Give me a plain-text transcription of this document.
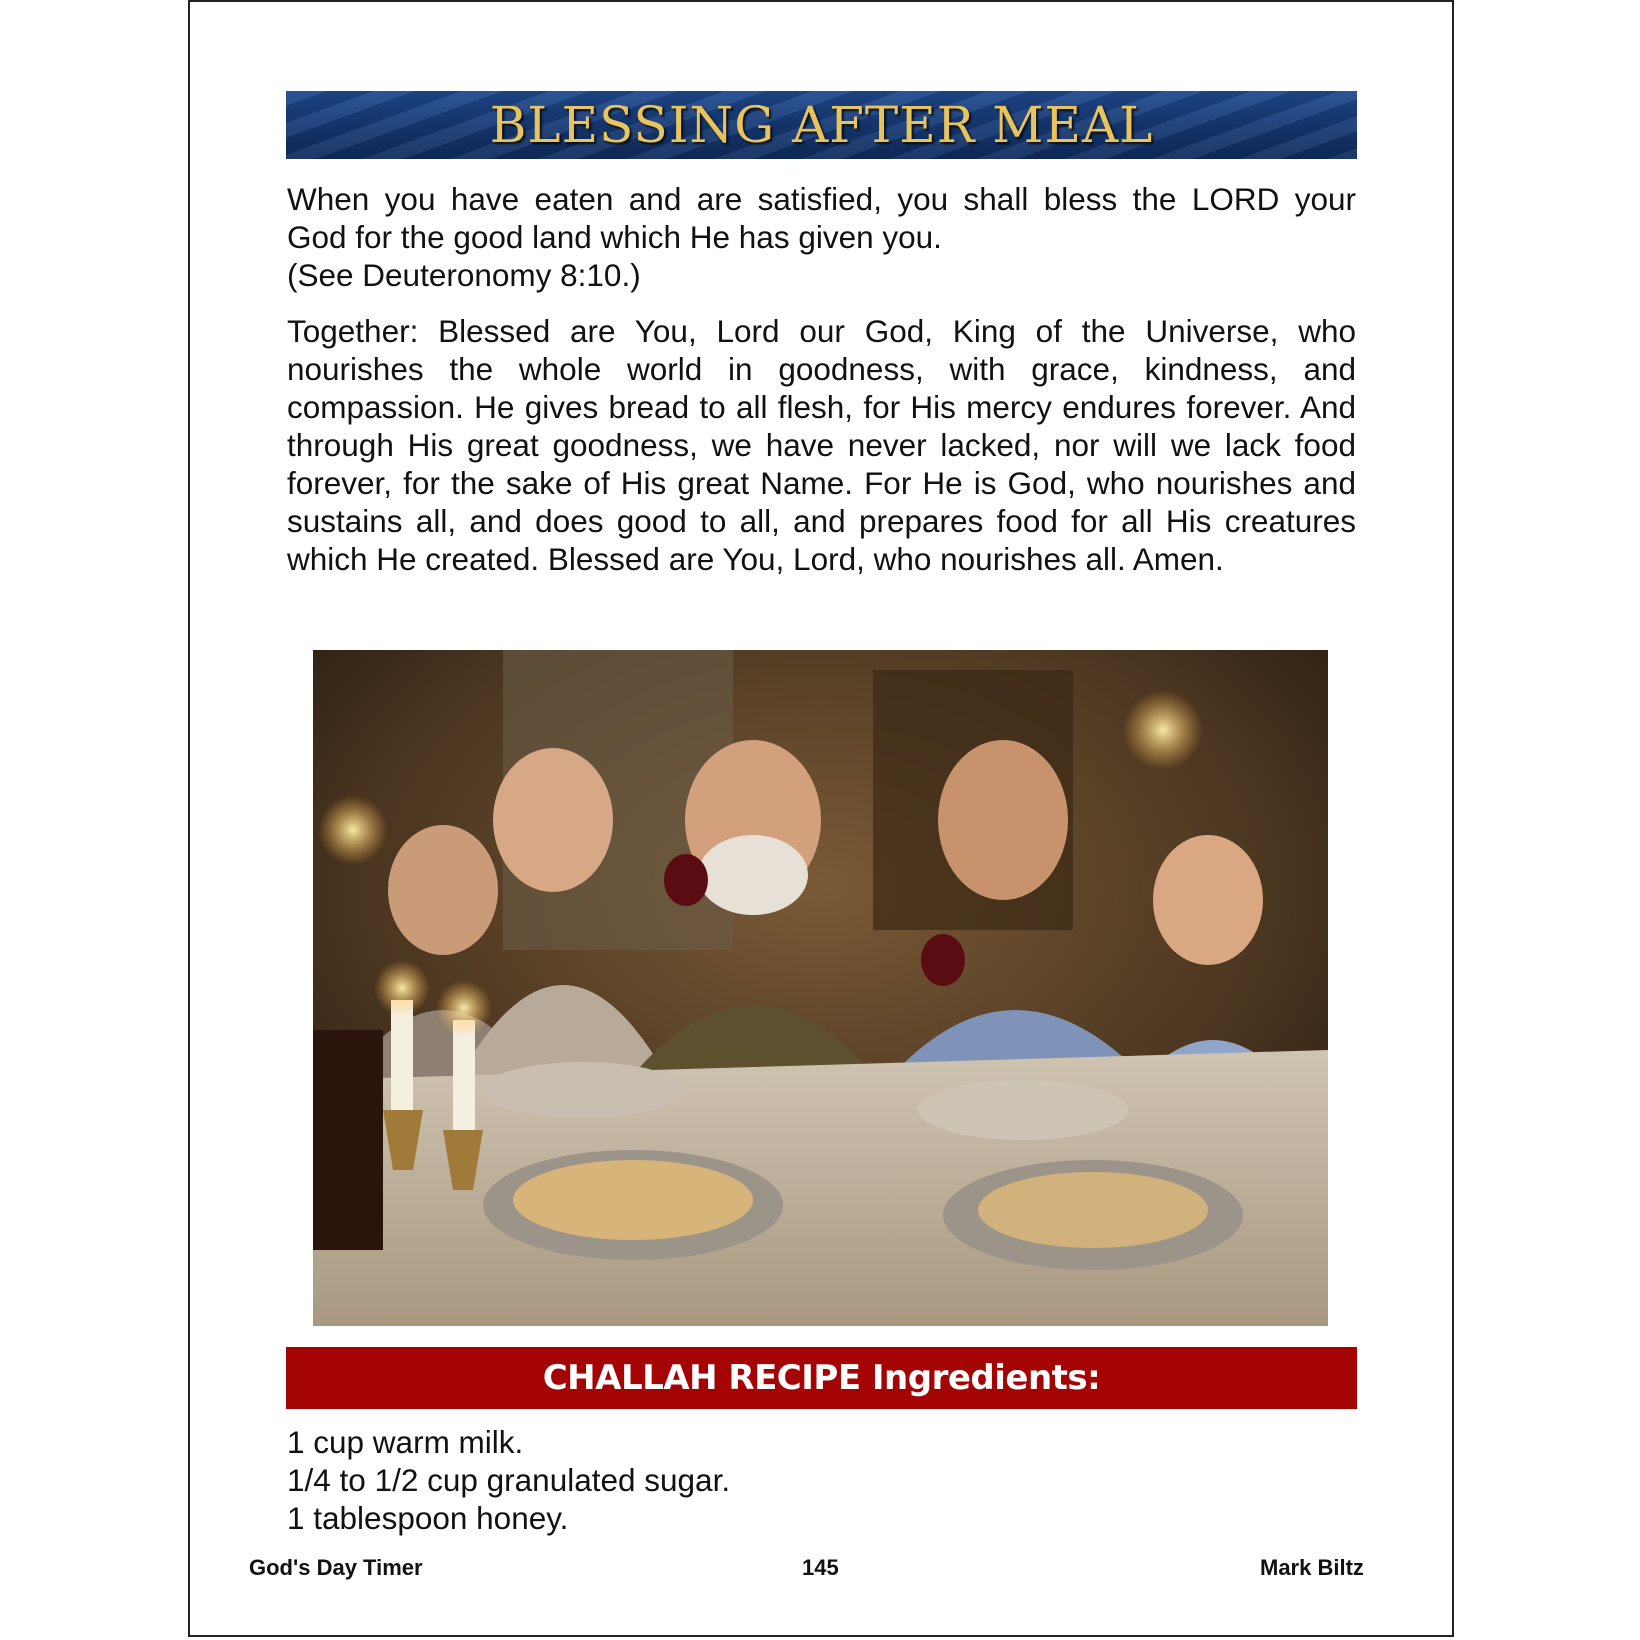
BLESSING AFTER MEAL
When you have eaten and are satisfied, you shall bless the LORD your
God for the good land which He has given you.
(See Deuteronomy 8:10.)
Together: Blessed are You, Lord our God, King of the Universe, who nourishes the whole world in goodness, with grace, kindness, and compassion. He gives bread to all flesh, for His mercy endures forever. And through His great goodness, we have never lacked, nor will we lack food forever, for the sake of His great Name. For He is God, who nourishes and sustains all, and does good to all, and prepares food for all His creatures which He created. Blessed are You, Lord, who nourishes all. Amen.
CHALLAH RECIPE Ingredients:
1 cup warm milk.
1/4 to 1/2 cup granulated sugar.
1 tablespoon honey.
God's Day Timer	145	Mark Biltz
